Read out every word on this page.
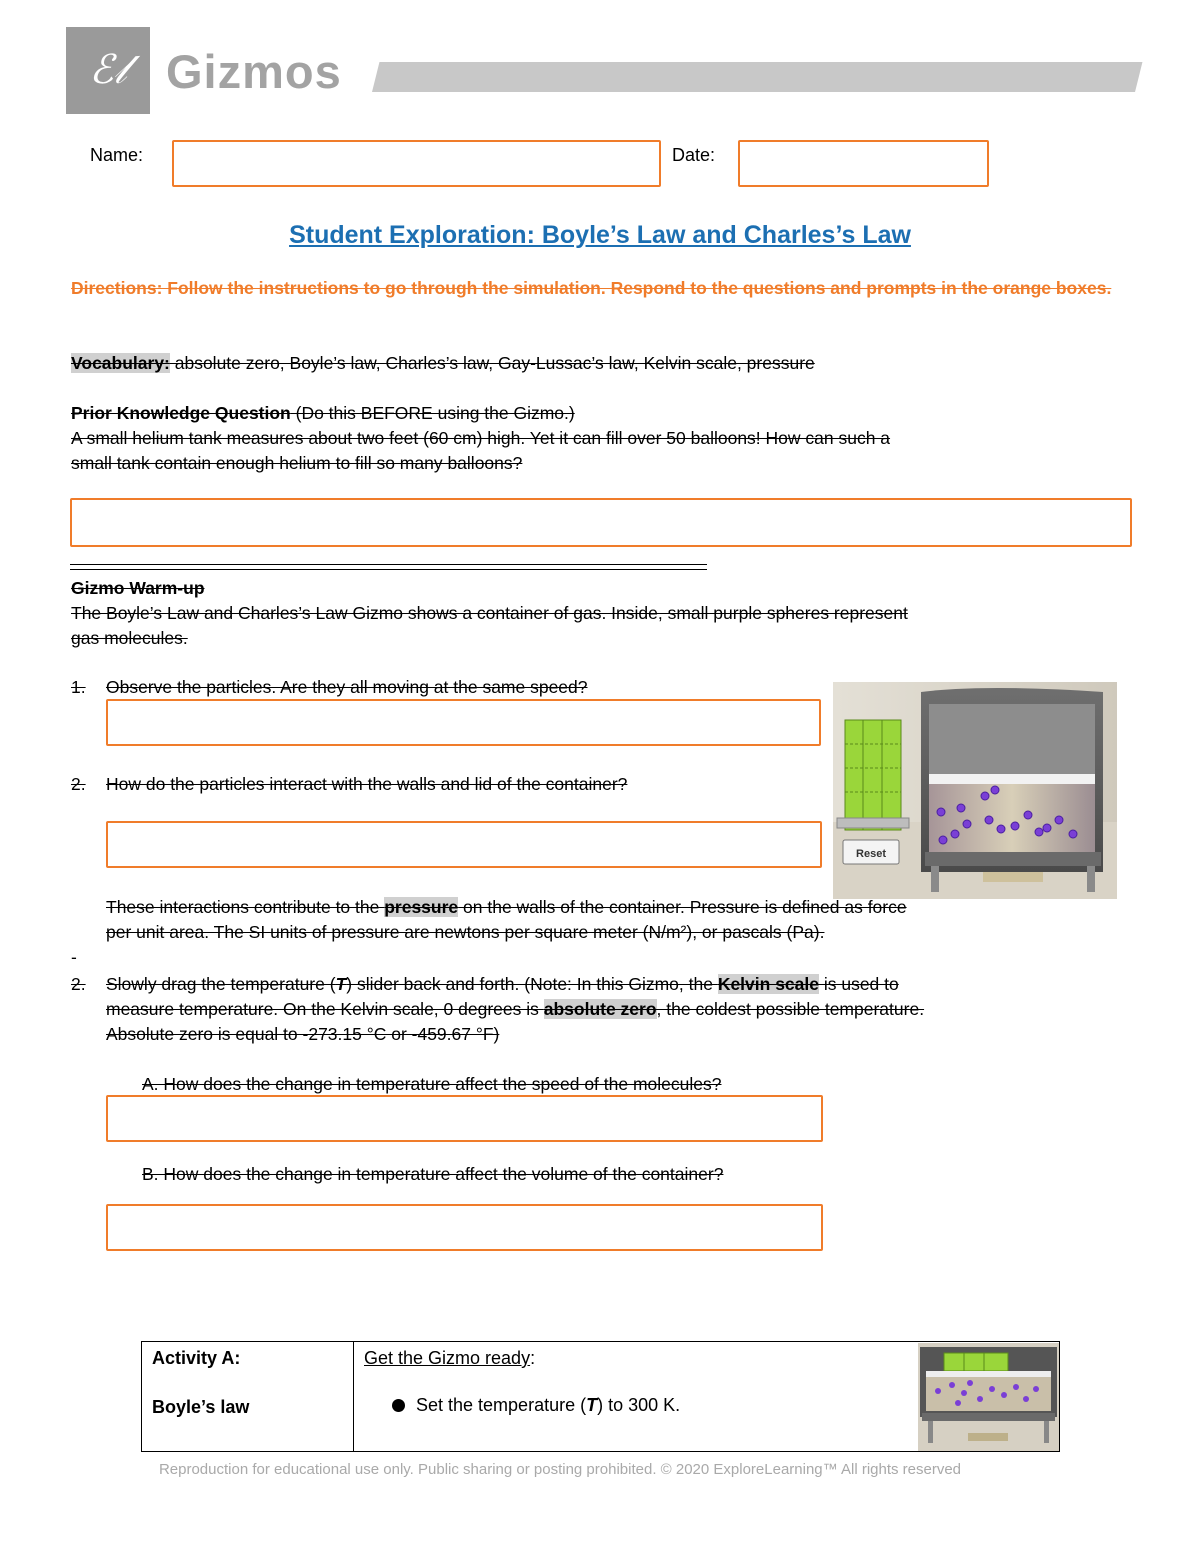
ℰ𝓁 Gizmos
Name:	Date:
Student Exploration: Boyle’s Law and Charles’s Law
Directions: Follow the instructions to go through the simulation. Respond to the questions and prompts in the orange boxes.
Vocabulary: absolute zero, Boyle’s law, Charles’s law, Gay-Lussac’s law, Kelvin scale, pressure
Prior Knowledge Question (Do this BEFORE using the Gizmo.)
A small helium tank measures about two feet (60 cm) high. Yet it can fill over 50 balloons! How can such a
small tank contain enough helium to fill so many balloons?
Gizmo Warm-up
The Boyle’s Law and Charles’s Law Gizmo shows a container of gas. Inside, small purple spheres represent
gas molecules.
1. Observe the particles. Are they all moving at the same speed?
2. How do the particles interact with the walls and lid of the container?
Reset
These interactions contribute to the pressure on the walls of the container. Pressure is defined as force
per unit area. The SI units of pressure are newtons per square meter (N/m²), or pascals (Pa).
-
2. Slowly drag the temperature (T) slider back and forth. (Note: In this Gizmo, the Kelvin scale is used to
measure temperature. On the Kelvin scale, 0 degrees is absolute zero, the coldest possible temperature.
Absolute zero is equal to -273.15 °C or -459.67 °F)
A. How does the change in temperature affect the speed of the molecules?
B. How does the change in temperature affect the volume of the container?
Activity A:
Boyle’s law
Get the Gizmo ready:
Set the temperature (T) to 300 K.
Reproduction for educational use only. Public sharing or posting prohibited. © 2020 ExploreLearning™ All rights reserved
